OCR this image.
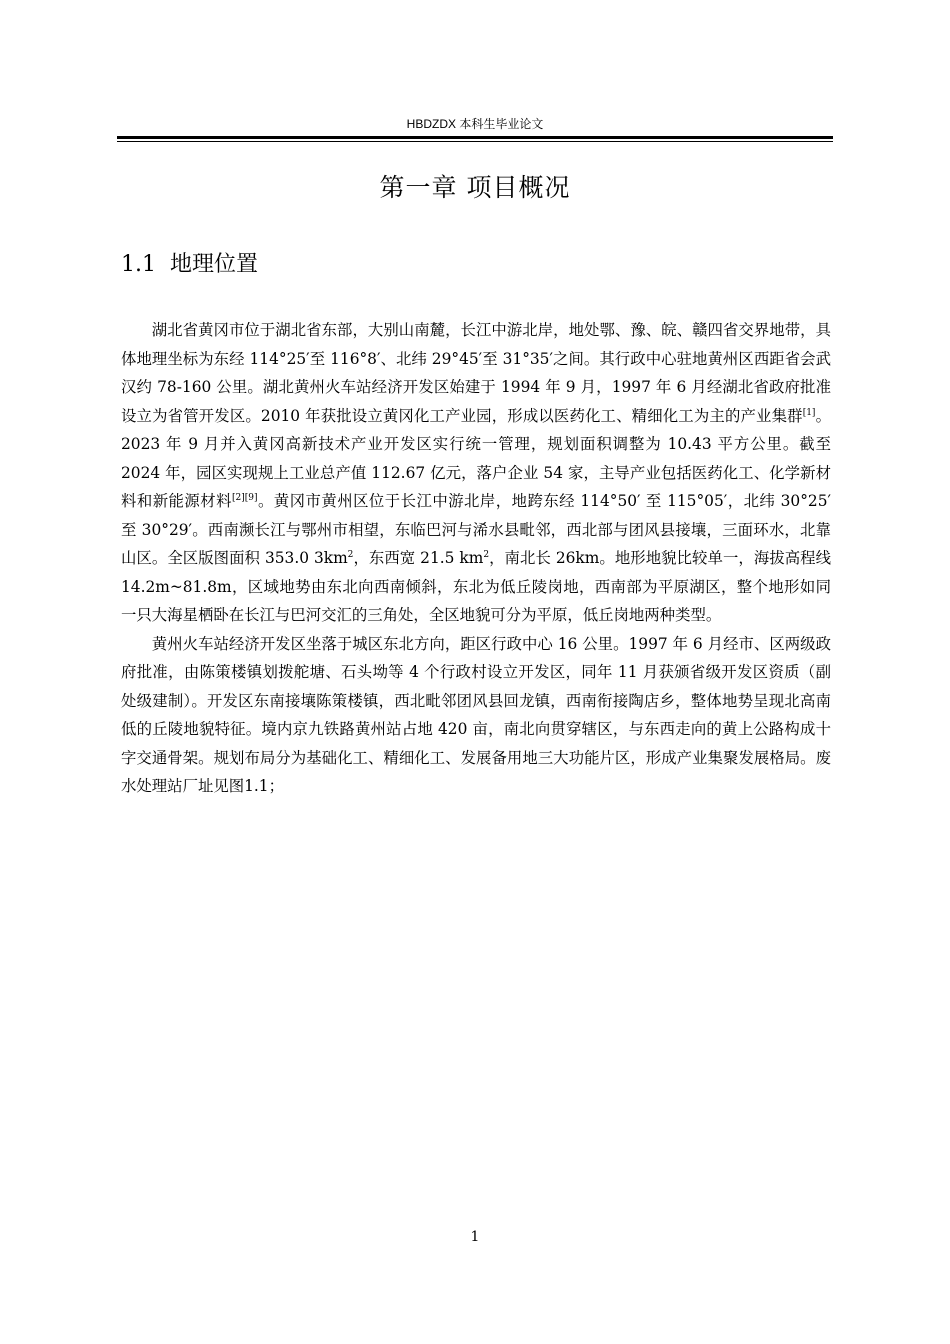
HBDZDX 本科生毕业论文
第一章 项目概况
1.1 地理位置

湖北省黄冈市位于湖北省东部，大别山南麓，长江中游北岸，地处鄂、豫、皖、赣四省交界地带，具体地理坐标为东经 114°25′至 116°8′、北纬 29°45′至 31°35′之间。其行政中心驻地黄州区西距省会武汉约 78-160 公里。湖北黄州火车站经济开发区始建于 1994 年 9 月，1997 年 6 月经湖北省政府批准设立为省管开发区。2010 年获批设立黄冈化工产业园，形成以医药化工、精细化工为主的产业集群[1]。2023 年 9 月并入黄冈高新技术产业开发区实行统一管理，规划面积调整为 10.43 平方公里。截至 2024 年，园区实现规上工业总产值 112.67 亿元，落户企业 54 家，主导产业包括医药化工、化学新材料和新能源材料[2][9]。黄冈市黄州区位于长江中游北岸，地跨东经 114°50′ 至 115°05′，北纬 30°25′ 至 30°29′。西南濒长江与鄂州市相望，东临巴河与浠水县毗邻，西北部与团风县接壤，三面环水，北靠山区。全区版图面积 353.0 $3km^2$，东西宽 21.5 $km^2$，南北长 26km。地形地貌比较单一，海拔高程线 14.2m~81.8m，区域地势由东北向西南倾斜，东北为低丘陵岗地，西南部为平原湖区，整个地形如同一只大海星栖卧在长江与巴河交汇的三角处，全区地貌可分为平原，低丘岗地两种类型。

黄州火车站经济开发区坐落于城区东北方向，距区行政中心 16 公里。1997 年 6 月经市、区两级政府批准，由陈策楼镇划拨舵塘、石头坳等 4 个行政村设立开发区，同年 11 月获颁省级开发区资质（副处级建制）。开发区东南接壤陈策楼镇，西北毗邻团风县回龙镇，西南衔接陶店乡，整体地势呈现北高南低的丘陵地貌特征。境内京九铁路黄州站占地 420 亩，南北向贯穿辖区，与东西走向的黄上公路构成十字交通骨架。规划布局分为基础化工、精细化工、发展备用地三大功能片区，形成产业集聚发展格局。废水处理站厂址见图1.1；

1
